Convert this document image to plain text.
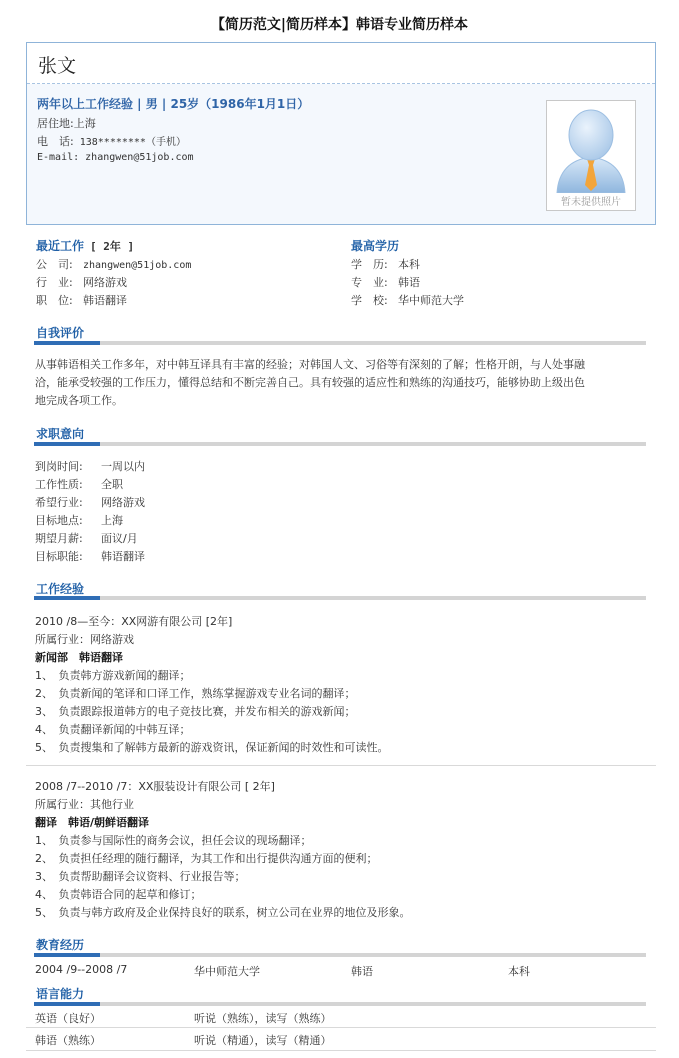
【简历范文|简历样本】韩语专业简历样本
张文
两年以上工作经验 | 男 | 25岁（1986年1月1日）
居住地:上海
电　话: 138********（手机）
E-mail: zhangwen@51job.com
暂未提供照片
最近工作 [ 2年 ]
公　司: zhangwen@51job.com
行　业: 网络游戏
职　位: 韩语翻译
最高学历
学　历: 本科
专　业: 韩语
学　校: 华中师范大学
自我评价
从事韩语相关工作多年，对中韩互译具有丰富的经验；对韩国人文、习俗等有深刻的了解；性格开朗，与人处事融
洽，能承受较强的工作压力，懂得总结和不断完善自己。具有较强的适应性和熟练的沟通技巧，能够协助上级出色
地完成各项工作。
求职意向
到岗时间: 一周以内
工作性质: 全职
希望行业: 网络游戏
目标地点: 上海
期望月薪: 面议/月
目标职能: 韩语翻译
工作经验
2010 /8—至今：XX网游有限公司 [2年]
所属行业：网络游戏
新闻部　韩语翻译
1、　负责韩方游戏新闻的翻译；
2、　负责新闻的笔译和口译工作，熟练掌握游戏专业名词的翻译；
3、　负责跟踪报道韩方的电子竞技比赛，并发布相关的游戏新闻；
4、　负责翻译新闻的中韩互译；
5、　负责搜集和了解韩方最新的游戏资讯，保证新闻的时效性和可读性。
2008 /7--2010 /7：XX服装设计有限公司 [ 2年]
所属行业：其他行业
翻译　韩语/朝鲜语翻译
1、　负责参与国际性的商务会议，担任会议的现场翻译；
2、　负责担任经理的随行翻译，为其工作和出行提供沟通方面的便利；
3、　负责帮助翻译会议资料、行业报告等；
4、　负责韩语合同的起草和修订；
5、　负责与韩方政府及企业保持良好的联系，树立公司在业界的地位及形象。
教育经历
2004 /9--2008 /7	华中师范大学	韩语	本科
语言能力
英语（良好）	听说（熟练），读写（熟练）
韩语（熟练）	听说（精通），读写（精通）
